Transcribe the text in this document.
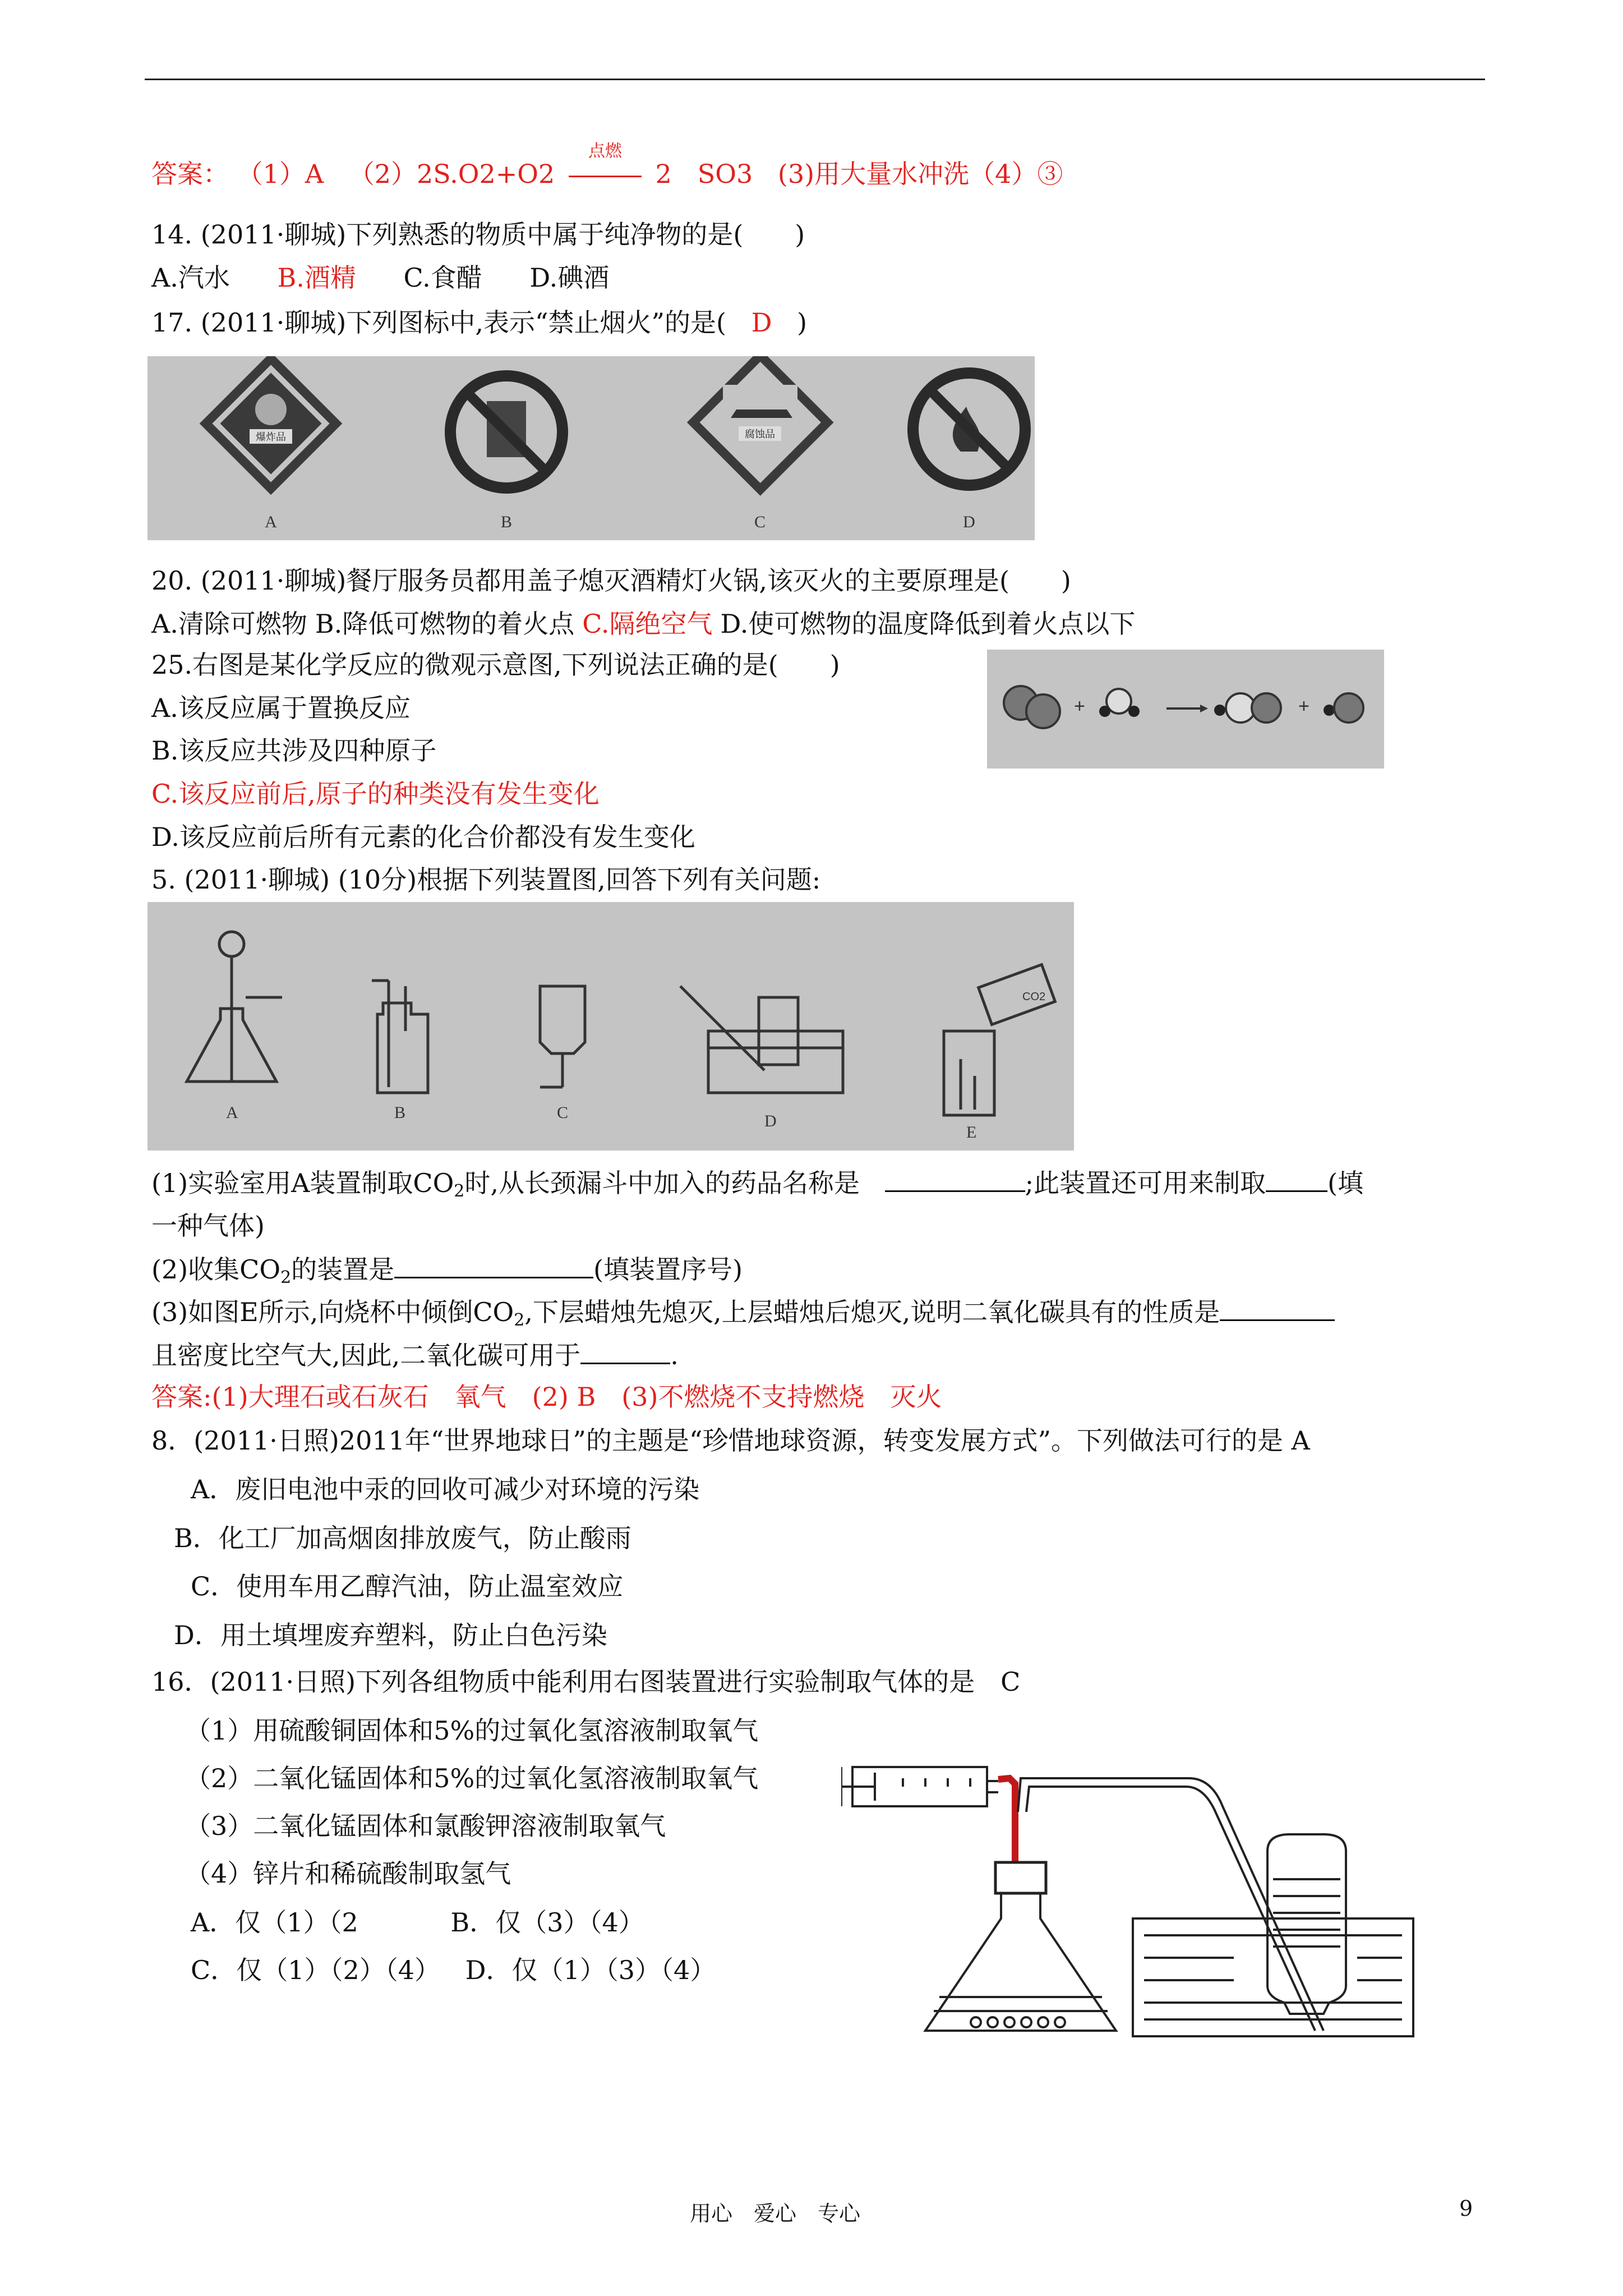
答案： （1）A （2）2S.O2+O2
点燃
2　SO3 (3)用大量水冲洗（4）③
14. (2011·聊城)下列熟悉的物质中属于纯净物的是(　　)
A.汽水 B.酒精 C.食醋 D.碘酒
17. (2011·聊城)下列图标中,表示“禁止烟火”的是( D )
爆炸品	腐蚀品
A	B	C	D
20. (2011·聊城)餐厅服务员都用盖子熄灭酒精灯火锅,该灭火的主要原理是(　　)
A.清除可燃物 B.降低可燃物的着火点 C.隔绝空气 D.使可燃物的温度降低到着火点以下
25.右图是某化学反应的微观示意图,下列说法正确的是(　　)
A.该反应属于置换反应
B.该反应共涉及四种原子
C.该反应前后,原子的种类没有发生变化
D.该反应前后所有元素的化合价都没有发生变化
+	+
5. (2011·聊城) (10分)根据下列装置图,回答下列有关问题:
CO2
A	B	C	D
E
(1)实验室用A装置制取$CO_2$时,从长颈漏斗中加入的药品名称是	;此装置还可用来制取 (填
一种气体)
(2)收集$CO_2$的装置是	(填装置序号)
(3)如图E所示,向烧杯中倾倒$CO_2$,下层蜡烛先熄灭,上层蜡烛后熄灭,说明二氧化碳具有的性质是
且密度比空气大,因此,二氧化碳可用于	.
答案:(1)大理石或石灰石　氧气　(2) B　(3)不燃烧不支持燃烧　灭火
8．(2011·日照)2011年“世界地球日”的主题是“珍惜地球资源，转变发展方式”。下列做法可行的是 A
A．废旧电池中汞的回收可减少对环境的污染
B．化工厂加高烟囱排放废气，防止酸雨
C．使用车用乙醇汽油，防止温室效应
D．用土填埋废弃塑料，防止白色污染
16．(2011·日照)下列各组物质中能利用右图装置进行实验制取气体的是　C
（1）用硫酸铜固体和5%的过氧化氢溶液制取氧气
（2）二氧化锰固体和5%的过氧化氢溶液制取氧气
（3）二氧化锰固体和氯酸钾溶液制取氧气
（4）锌片和稀硫酸制取氢气
A．仅（1）（2	B．仅（3）（4）
C．仅（1）（2）（4） D．仅（1）（3）（4）
用心　爱心　专心	9
